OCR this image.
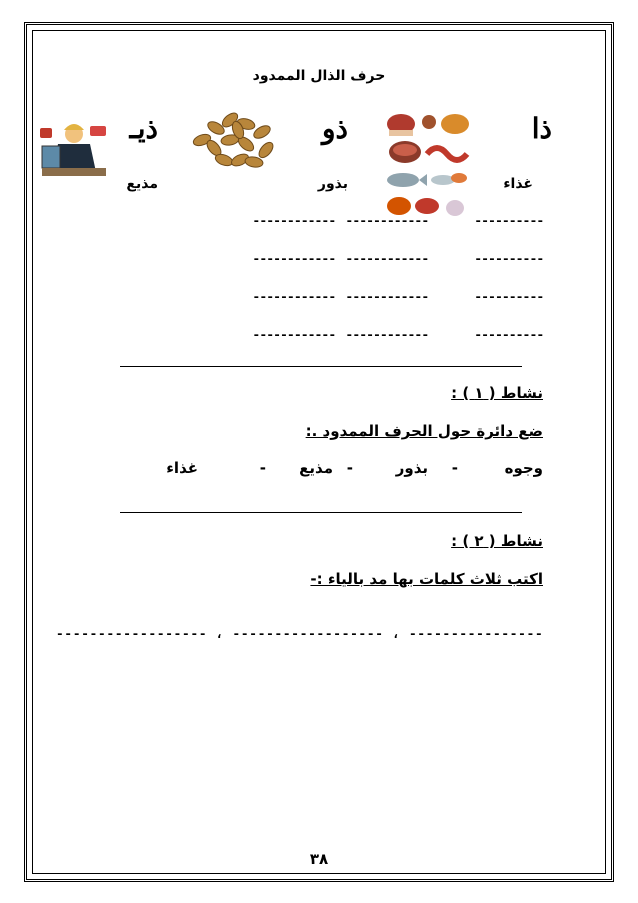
حرف الذال الممدود
ذا
ذو
ذيـ
غذاء
بذور
مذيع
----------
------------
------------
----------
------------
------------
----------
------------
------------
----------
------------
------------
نشاط ( ١ ) :
ضع دائرة حول الحرف الممدود .:
وجوه
-
بذور
-
مذيع
-
غذاء
نشاط ( ٢ ) :
اكتب ثلاث كلمات بها مد بالياء :-
------------------ ، ------------------ ، ----------------
٣٨
